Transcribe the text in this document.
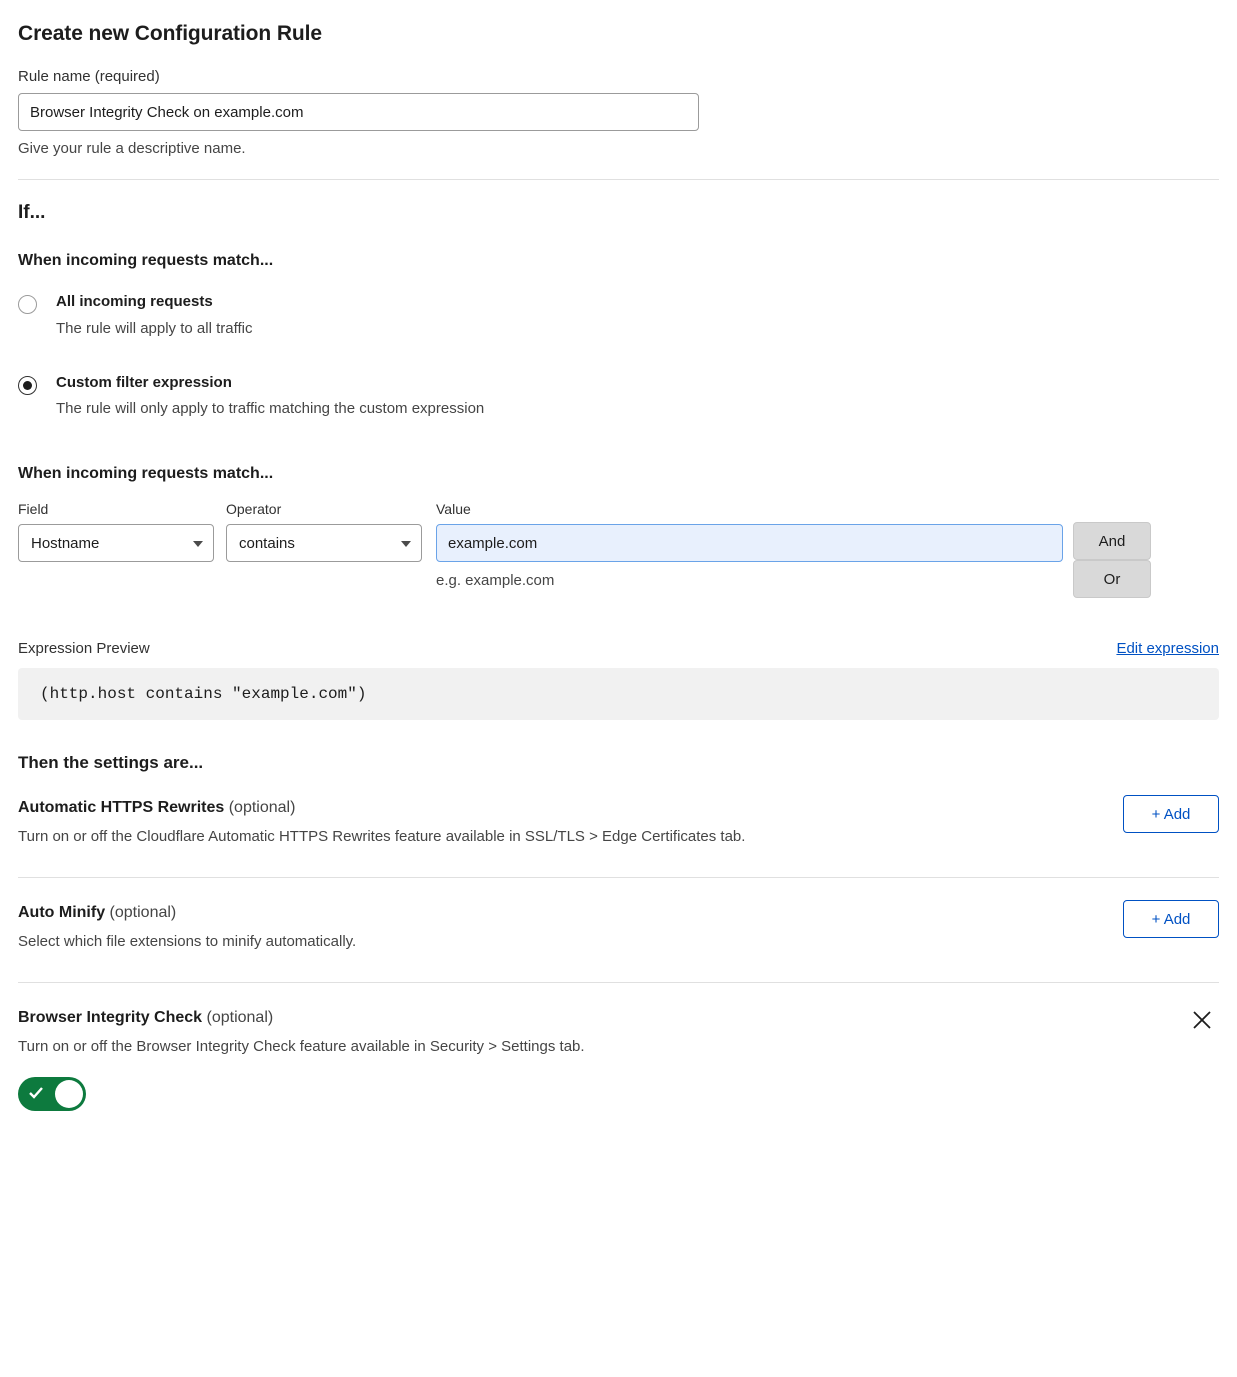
Create new Configuration Rule
Rule name (required)
Browser Integrity Check on example.com
Give your rule a descriptive name.
If...
When incoming requests match...
All incoming requests
The rule will apply to all traffic
Custom filter expression
The rule will only apply to traffic matching the custom expression
When incoming requests match...
Field
Hostname
Operator
contains
Value
example.com
e.g. example.com
And Or
Expression Preview	Edit expression
(http.host contains "example.com")
Then the settings are...
Automatic HTTPS Rewrites (optional)
Turn on or off the Cloudflare Automatic HTTPS Rewrites feature available in SSL/TLS > Edge Certificates tab.
+ Add
Auto Minify (optional)
Select which file extensions to minify automatically.
+ Add
Browser Integrity Check (optional)
Turn on or off the Browser Integrity Check feature available in Security > Settings tab.
